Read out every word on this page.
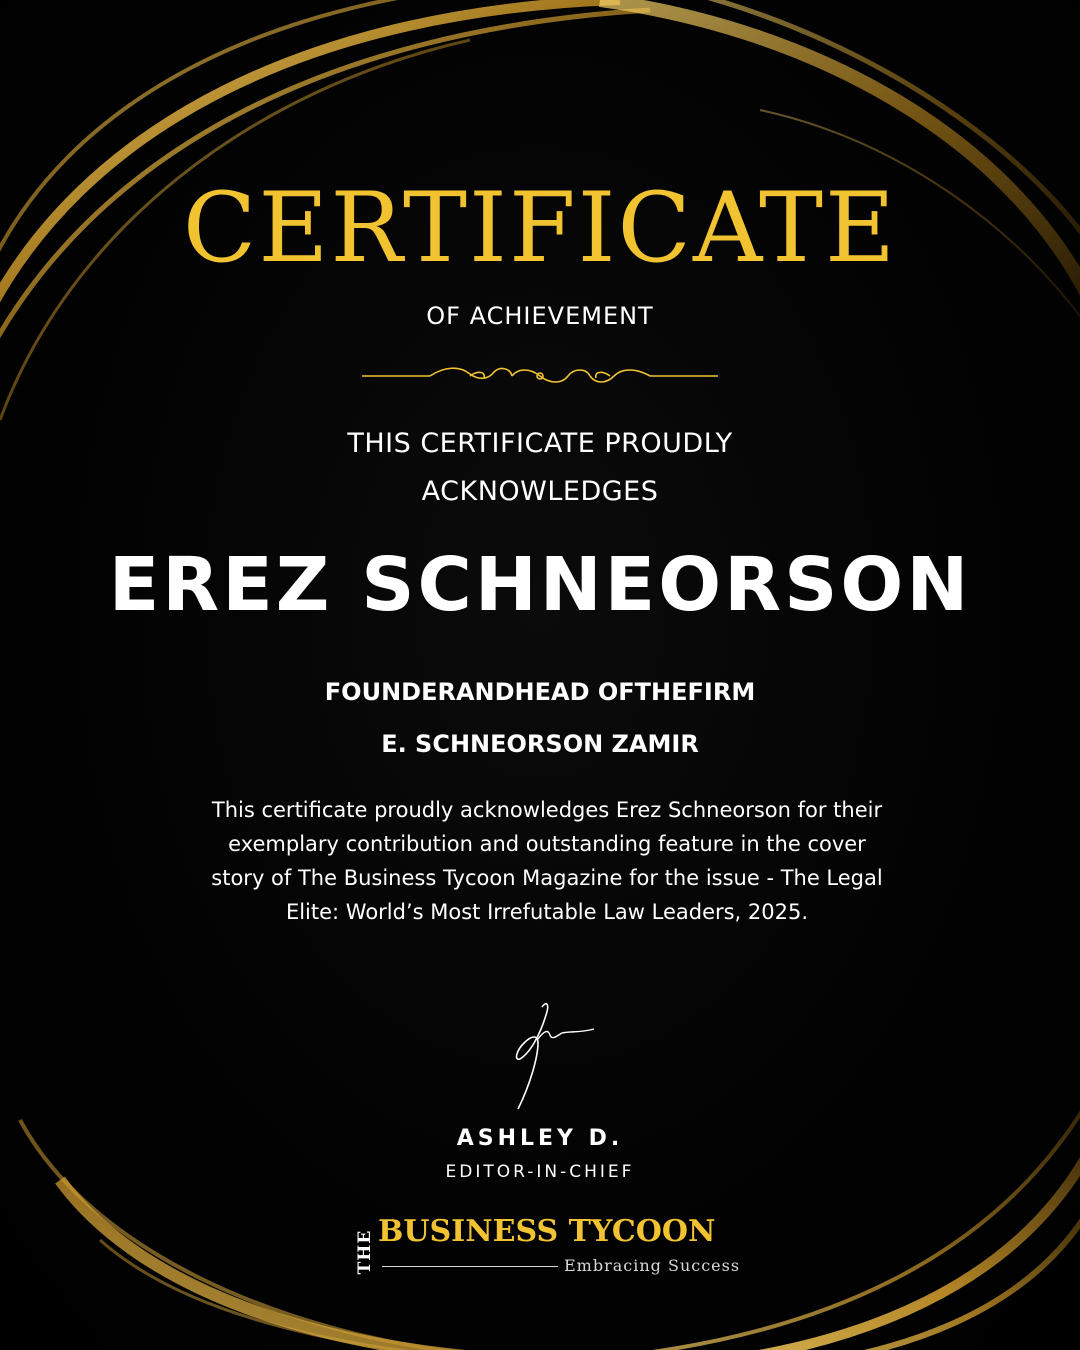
CERTIFICATE
OF ACHIEVEMENT
THIS CERTIFICATE PROUDLY
ACKNOWLEDGES
EREZ SCHNEORSON
FOUNDERANDHEAD OFTHEFIRM
E. SCHNEORSON ZAMIR
This certificate proudly acknowledges Erez Schneorson for their exemplary contribution and outstanding feature in the cover story of The Business Tycoon Magazine for the issue - The Legal Elite: World’s Most Irrefutable Law Leaders, 2025.
ASHLEY D.
EDITOR-IN-CHIEF
THE BUSINESS TYCOON
Embracing Success
